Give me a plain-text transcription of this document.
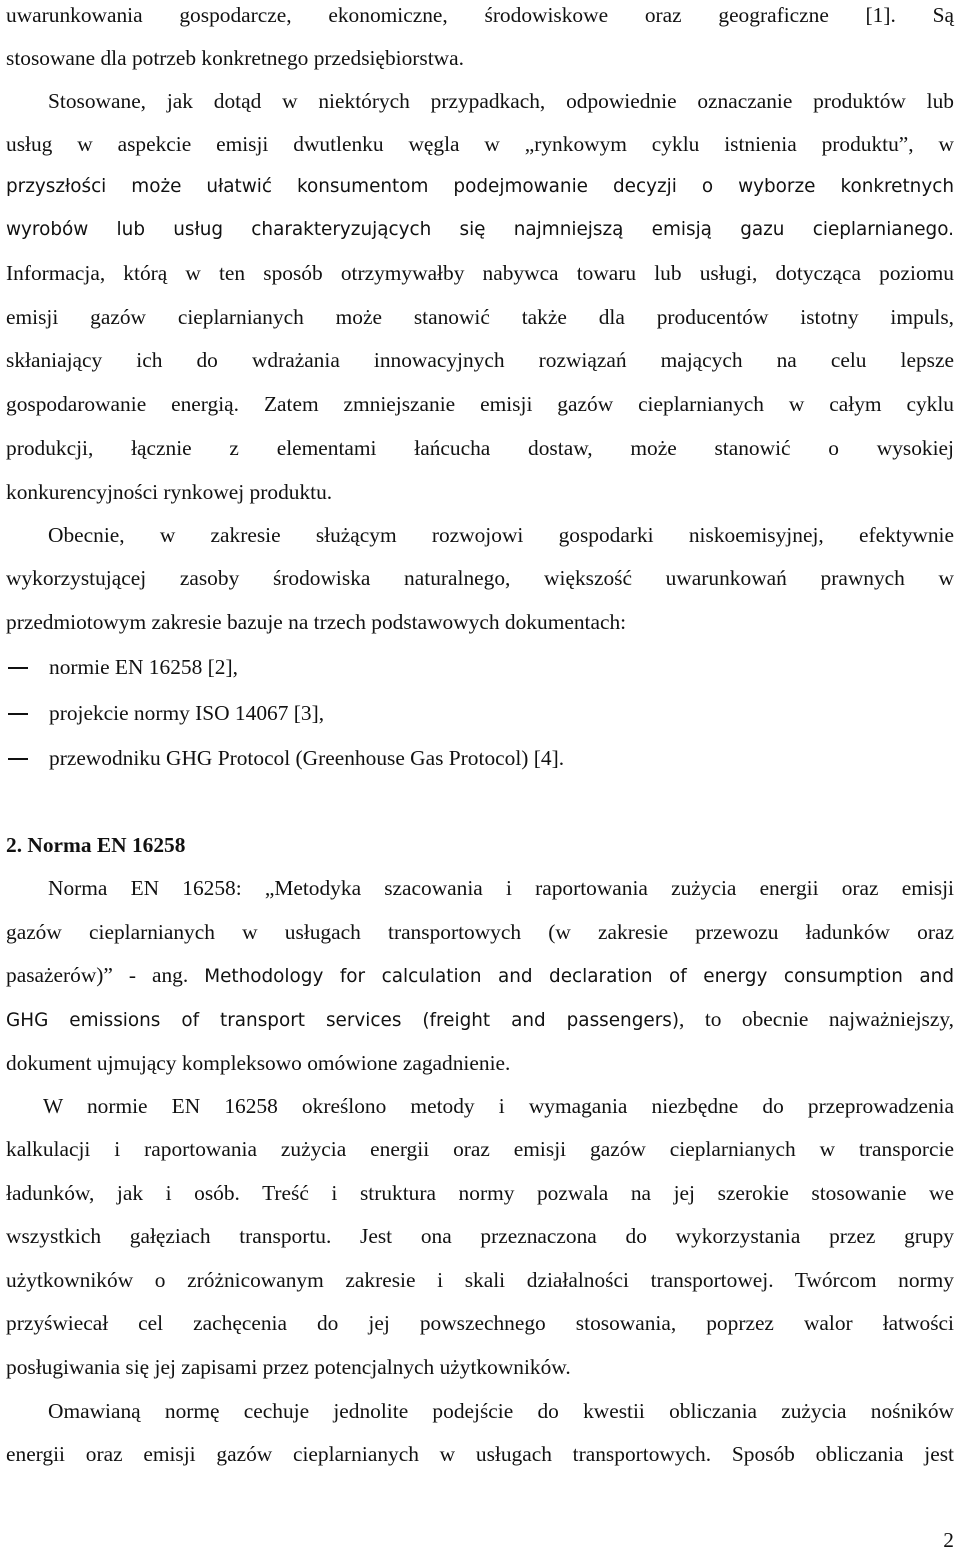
uwarunkowania gospodarcze, ekonomiczne, środowiskowe oraz geograficzne [1]. Są
stosowane dla potrzeb konkretnego przedsiębiorstwa.
Stosowane, jak dotąd w niektórych przypadkach, odpowiednie oznaczanie produktów lub
usług w aspekcie emisji dwutlenku węgla w „rynkowym cyklu istnienia produktu”, w
przyszłości może ułatwić konsumentom podejmowanie decyzji o wyborze konkretnych
wyrobów lub usług charakteryzujących się najmniejszą emisją gazu cieplarnianego.
Informacja, którą w ten sposób otrzymywałby nabywca towaru lub usługi, dotycząca poziomu
emisji gazów cieplarnianych może stanowić także dla producentów istotny impuls,
skłaniający ich do wdrażania innowacyjnych rozwiązań mających na celu lepsze
gospodarowanie energią. Zatem zmniejszanie emisji gazów cieplarnianych w całym cyklu
produkcji, łącznie z elementami łańcucha dostaw, może stanowić o wysokiej
konkurencyjności rynkowej produktu.
Obecnie, w zakresie służącym rozwojowi gospodarki niskoemisyjnej, efektywnie
wykorzystującej zasoby środowiska naturalnego, większość uwarunkowań prawnych w
przedmiotowym zakresie bazuje na trzech podstawowych dokumentach:
normie EN 16258 [2],
projekcie normy ISO 14067 [3],
przewodniku GHG Protocol (Greenhouse Gas Protocol) [4].
2. Norma EN 16258
Norma EN 16258: „Metodyka szacowania i raportowania zużycia energii oraz emisji
gazów cieplarnianych w usługach transportowych (w zakresie przewozu ładunków oraz
pasażerów)” - ang. Methodology for calculation and declaration of energy consumption and
GHG emissions of transport services (freight and passengers), to obecnie najważniejszy,
dokument ujmujący kompleksowo omówione zagadnienie.
W normie EN 16258 określono metody i wymagania niezbędne do przeprowadzenia
kalkulacji i raportowania zużycia energii oraz emisji gazów cieplarnianych w transporcie
ładunków, jak i osób. Treść i struktura normy pozwala na jej szerokie stosowanie we
wszystkich gałęziach transportu. Jest ona przeznaczona do wykorzystania przez grupy
użytkowników o zróżnicowanym zakresie i skali działalności transportowej. Twórcom normy
przyświecał cel zachęcenia do jej powszechnego stosowania, poprzez walor łatwości
posługiwania się jej zapisami przez potencjalnych użytkowników.
Omawianą normę cechuje jednolite podejście do kwestii obliczania zużycia nośników
energii oraz emisji gazów cieplarnianych w usługach transportowych. Sposób obliczania jest
2
